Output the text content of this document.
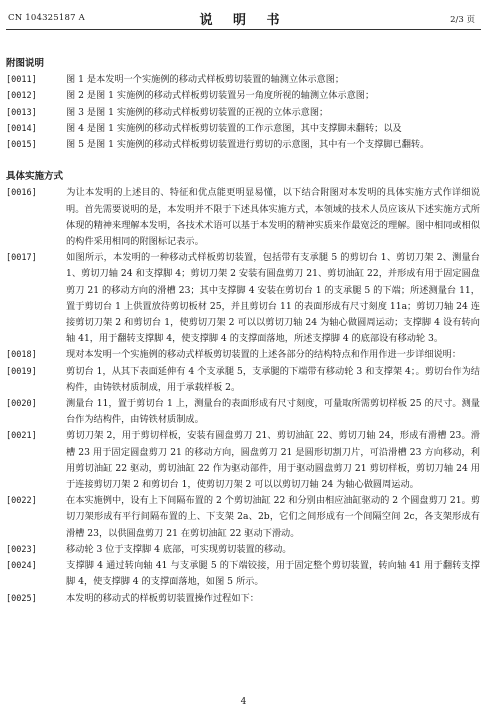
CN 104325187 A	说 明 书	2/3 页
附图说明
[0011]	图 1 是本发明一个实施例的移动式样板剪切装置的轴测立体示意图；
[0012]	图 2 是图 1 实施例的移动式样板剪切装置另一角度所视的轴测立体示意图；
[0013]	图 3 是图 1 实施例的移动式样板剪切装置的正视的立体示意图；
[0014]	图 4 是图 1 实施例的移动式样板剪切装置的工作示意图，其中支撑脚未翻转；以及
[0015]	图 5 是图 1 实施例的移动式样板剪切装置进行剪切的示意图，其中有一个支撑脚已翻转。
具体实施方式
[0016]	为让本发明的上述目的、特征和优点能更明显易懂，以下结合附图对本发明的具体实施方式作详细说明。首先需要说明的是，本发明并不限于下述具体实施方式，本领域的技术人员应该从下述实施方式所体现的精神来理解本发明，各技术术语可以基于本发明的精神实质来作最宽泛的理解。图中相同或相似的构件采用相同的附图标记表示。
[0017]	如图所示，本发明的一种移动式样板剪切装置，包括带有支承腿 5 的剪切台 1、剪切刀架 2、测量台 1、剪切刀轴 24 和支撑脚 4；剪切刀架 2 安装有圆盘剪刀 21、剪切油缸 22，并形成有用于固定圆盘剪刀 21 的移动方向的滑槽 23；其中支撑脚 4 安装在剪切台 1 的支承腿 5 的下端；所述测量台 11，置于剪切台 1 上供置放待剪切板材 25，并且剪切台 11 的表面形成有尺寸刻度 11a；剪切刀轴 24 连接剪切刀架 2 和剪切台 1，使剪切刀架 2 可以以剪切刀轴 24 为轴心做圆周运动；支撑脚 4 设有转向轴 41，用于翻转支撑脚 4，使支撑脚 4 的支撑面落地，所述支撑脚 4 的底部设有移动轮 3。
[0018]	现对本发明一个实施例的移动式样板剪切装置的上述各部分的结构特点和作用作进一步详细说明：
[0019]	剪切台 1，从其下表面延伸有 4 个支承腿 5，支承腿的下端带有移动轮 3 和支撑架 4；。剪切台作为结构件，由铸铁材质制成，用于承载样板 2。
[0020]	测量台 11，置于剪切台 1 上，测量台的表面形成有尺寸刻度，可量取所需剪切样板 25 的尺寸。测量台作为结构件，由铸铁材质制成。
[0021]	剪切刀架 2，用于剪切样板，安装有圆盘剪刀 21、剪切油缸 22、剪切刀轴 24，形成有滑槽 23。滑槽 23 用于固定圆盘剪刀 21 的移动方向，圆盘剪刀 21 是圆形切割刀片，可沿滑槽 23 方向移动，利用剪切油缸 22 驱动，剪切油缸 22 作为驱动部件，用于驱动圆盘剪刀 21 剪切样板，剪切刀轴 24 用于连接剪切刀架 2 和剪切台 1，使剪切刀架 2 可以以剪切刀轴 24 为轴心做圆周运动。
[0022]	在本实施例中，设有上下间隔布置的 2 个剪切油缸 22 和分别由相应油缸驱动的 2 个圆盘剪刀 21。剪切刀架形成有平行间隔布置的上、下支架 2a、2b，它们之间形成有一个间隔空间 2c，各支架形成有滑槽 23，以供圆盘剪刀 21 在剪切油缸 22 驱动下滑动。
[0023]	移动轮 3 位于支撑脚 4 底部，可实现剪切装置的移动。
[0024]	支撑脚 4 通过转向轴 41 与支承腿 5 的下端铰接，用于固定整个剪切装置，转向轴 41 用于翻转支撑脚 4，使支撑脚 4 的支撑面落地，如图 5 所示。
[0025]	本发明的移动式的样板剪切装置操作过程如下：
4
